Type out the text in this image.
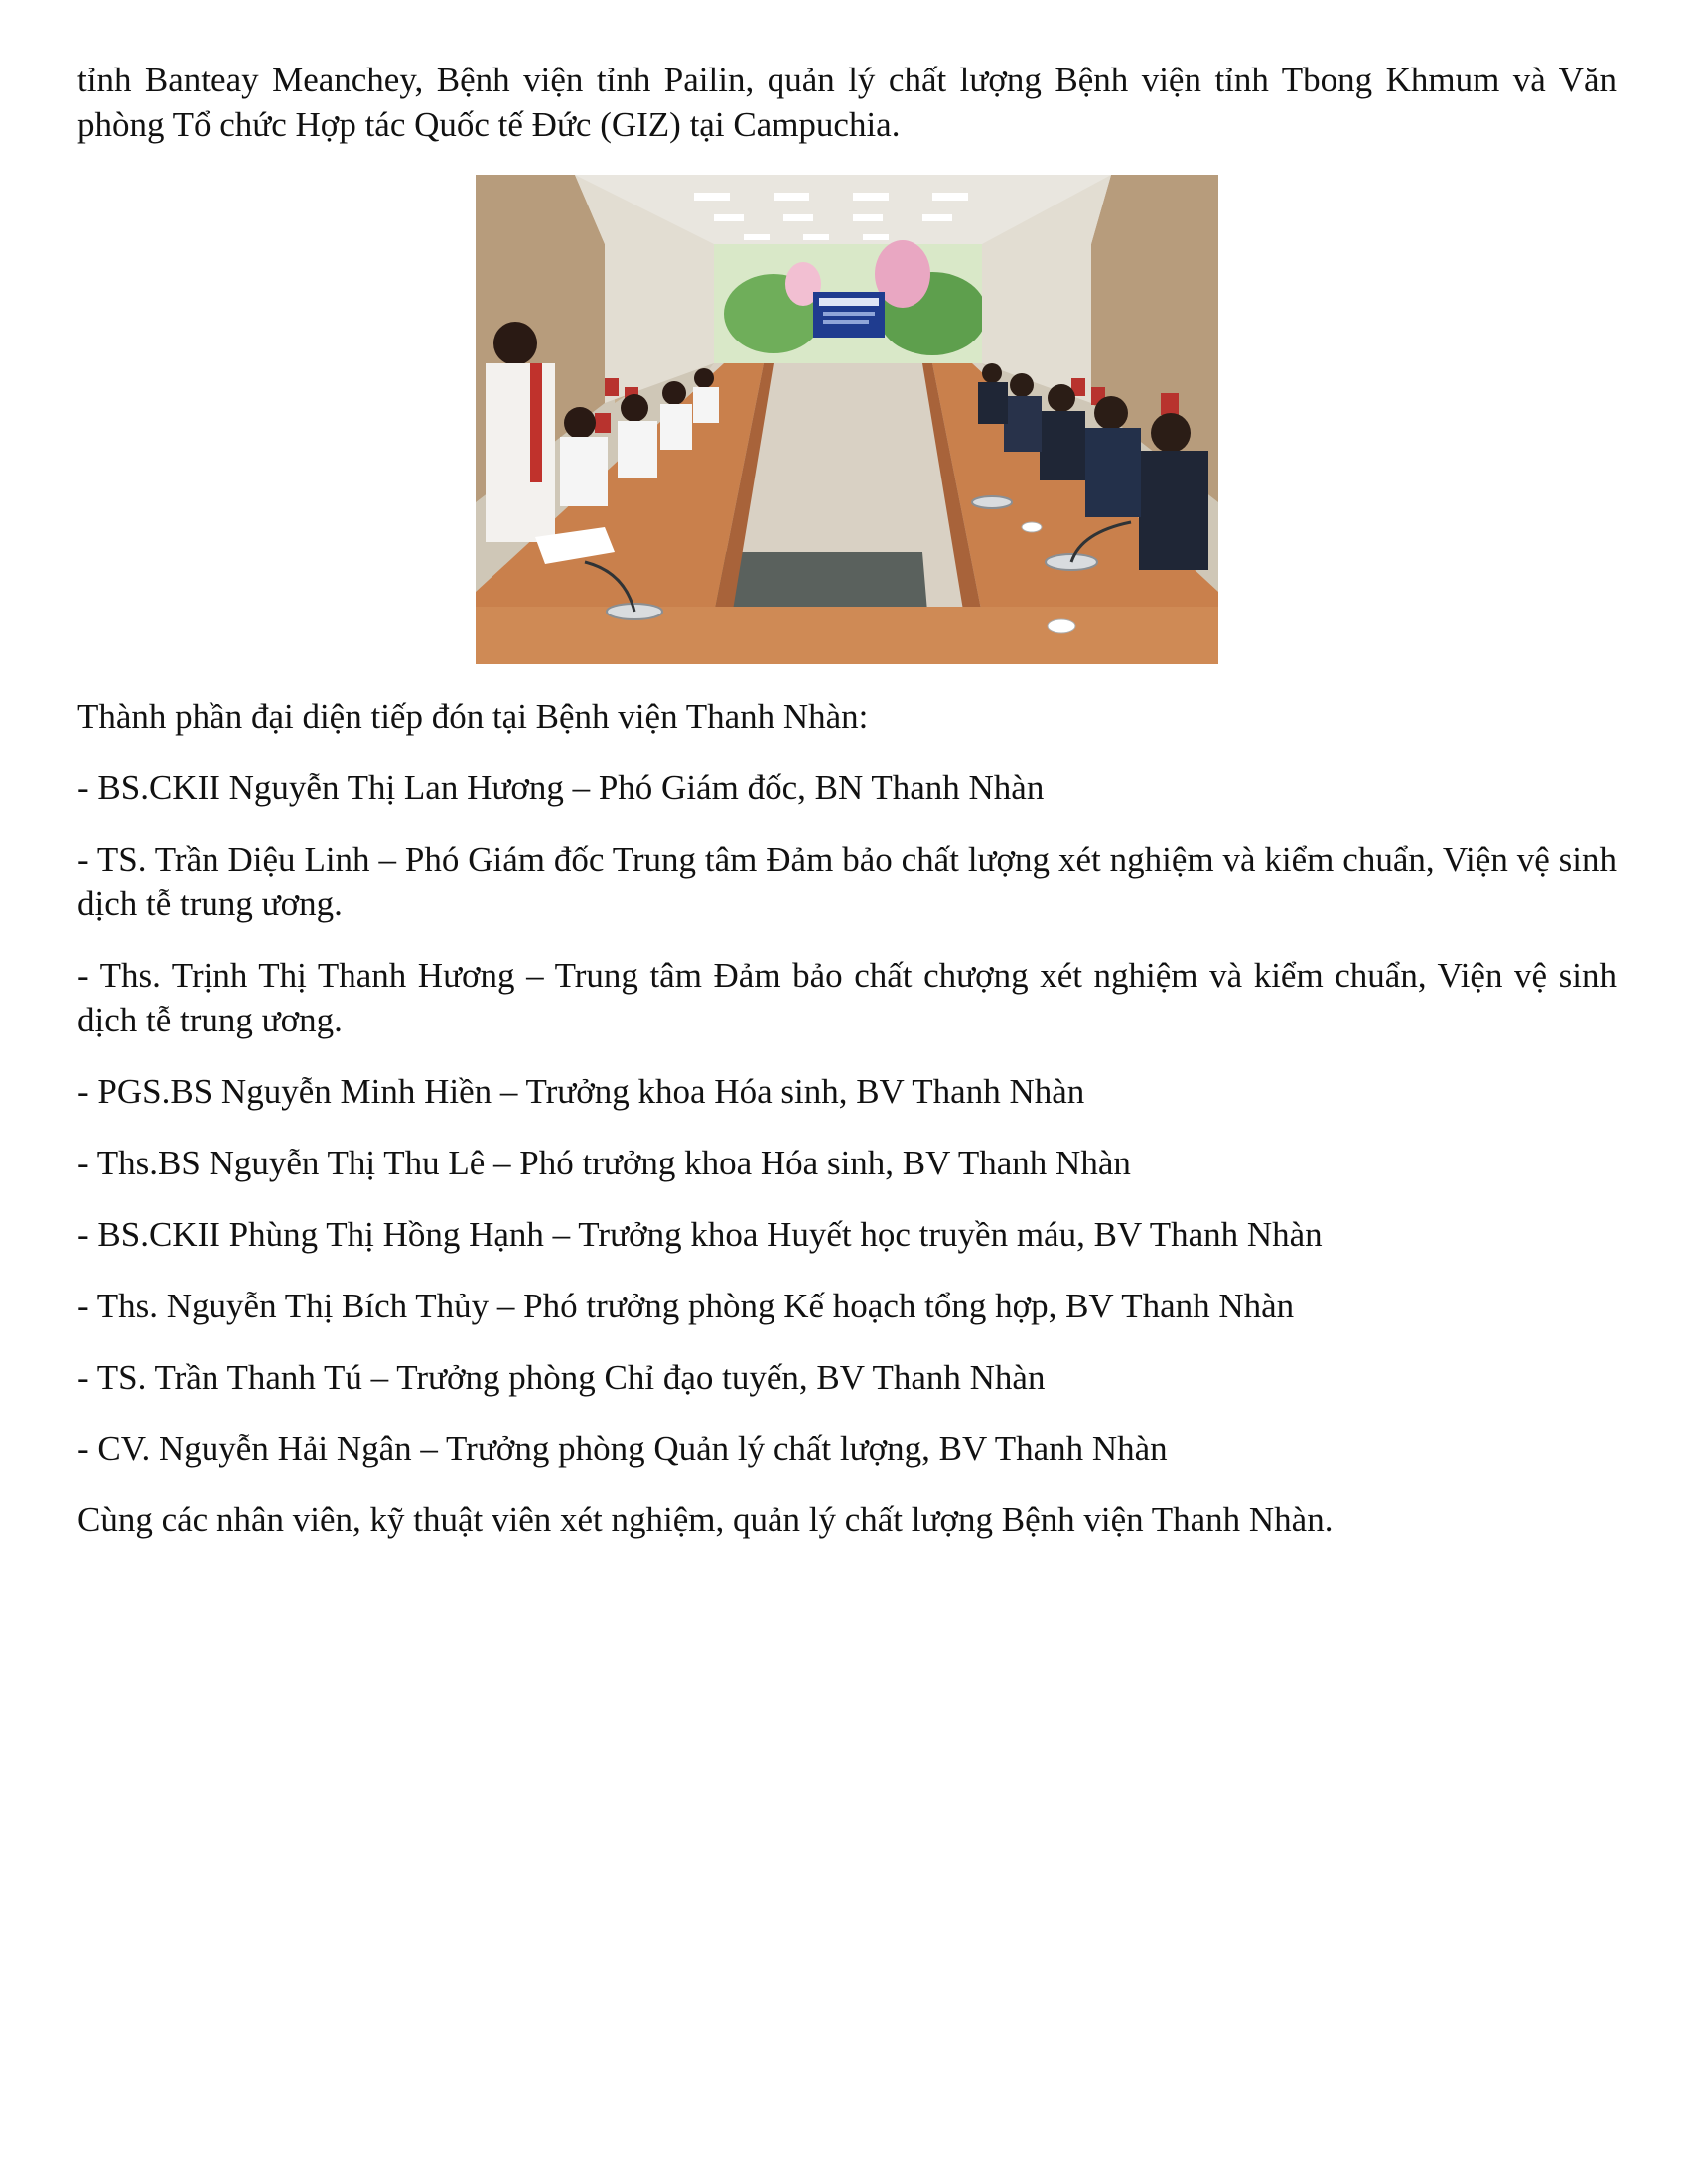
tỉnh Banteay Meanchey, Bệnh viện tỉnh Pailin, quản lý chất lượng Bệnh viện tỉnh Tbong Khmum và Văn phòng Tổ chức Hợp tác Quốc tế Đức (GIZ) tại Campuchia.

Thành phần đại diện tiếp đón tại Bệnh viện Thanh Nhàn:

- BS.CKII Nguyễn Thị Lan Hương – Phó Giám đốc, BN Thanh Nhàn

- TS. Trần Diệu Linh – Phó Giám đốc Trung tâm Đảm bảo chất lượng xét nghiệm và kiểm chuẩn, Viện vệ sinh dịch tễ trung ương.

- Ths. Trịnh Thị Thanh Hương – Trung tâm Đảm bảo chất chượng xét nghiệm và kiểm chuẩn, Viện vệ sinh dịch tễ trung ương.

- PGS.BS Nguyễn Minh Hiền – Trưởng khoa Hóa sinh, BV Thanh Nhàn

- Ths.BS Nguyễn Thị Thu Lê – Phó trưởng khoa Hóa sinh, BV Thanh Nhàn

- BS.CKII Phùng Thị Hồng Hạnh – Trưởng khoa Huyết học truyền máu, BV Thanh Nhàn

- Ths. Nguyễn Thị Bích Thủy – Phó trưởng phòng Kế hoạch tổng hợp, BV Thanh Nhàn

- TS. Trần Thanh Tú – Trưởng phòng Chỉ đạo tuyến, BV Thanh Nhàn

- CV. Nguyễn Hải Ngân – Trưởng phòng Quản lý chất lượng, BV Thanh Nhàn

Cùng các nhân viên, kỹ thuật viên xét nghiệm, quản lý chất lượng Bệnh viện Thanh Nhàn.
